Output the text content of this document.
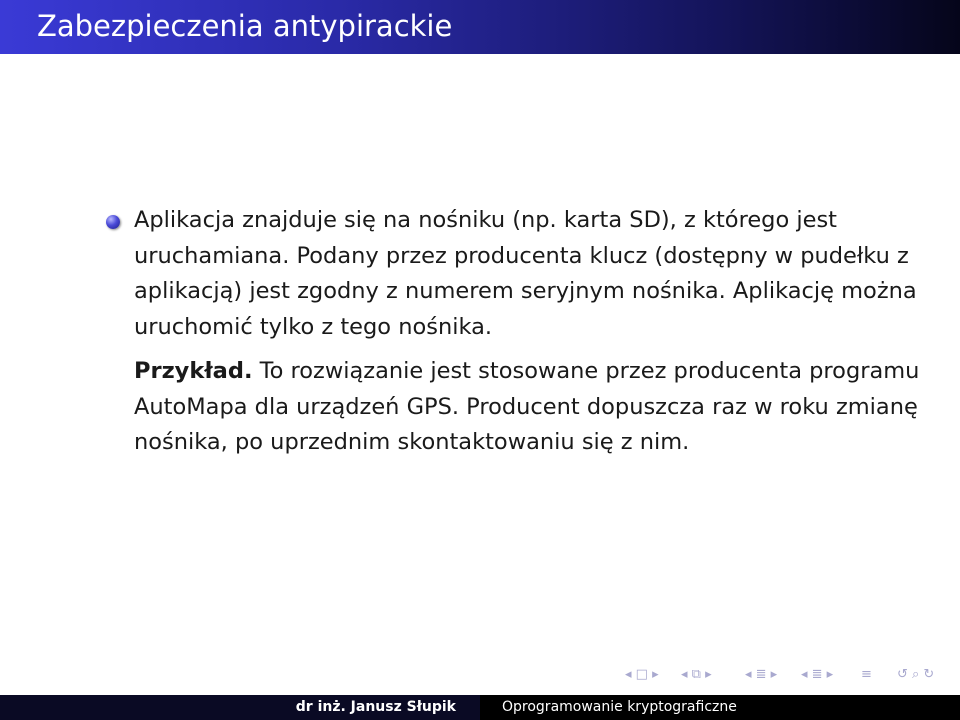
Zabezpieczenia antypirackie

Aplikacja znajduje się na nośniku (np. karta SD), z którego jest uruchamiana. Podany przez producenta klucz (dostępny w pudełku z aplikacją) jest zgodny z numerem seryjnym nośnika. Aplikację można uruchomić tylko z tego nośnika.

Przykład. To rozwiązanie jest stosowane przez producenta programu AutoMapa dla urządzeń GPS. Producent dopuszcza raz w roku zmianę nośnika, po uprzednim skontaktowaniu się z nim.

◂ □ ▸ ◂ ⧉ ▸	◂ ≣ ▸ ◂ ≣ ▸ ≡ ↺ ⌕ ↻
dr inż. Janusz Słupik	Oprogramowanie kryptograficzne
